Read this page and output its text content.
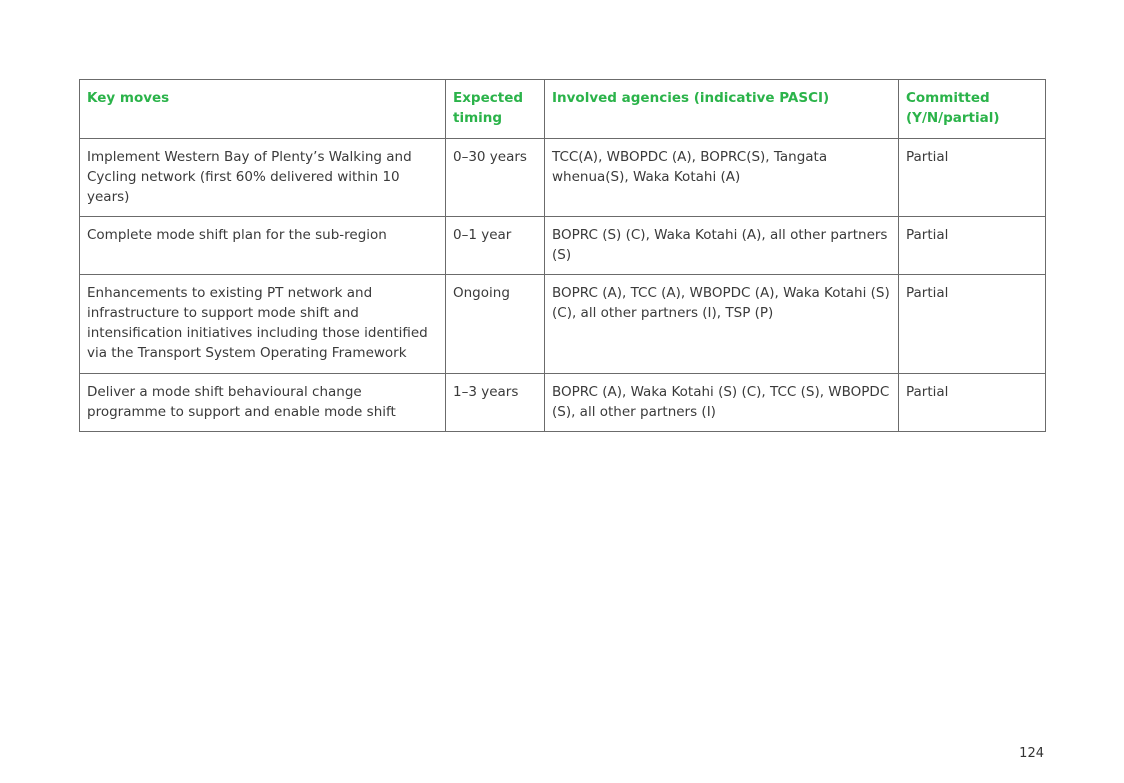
Key moves	Expected timing	Involved agencies (indicative PASCI)	Committed (Y/N/partial)
Implement Western Bay of Plenty’s Walking and Cycling network (first 60% delivered within 10 years)	0–30 years	TCC(A), WBOPDC (A), BOPRC(S), Tangata whenua(S), Waka Kotahi (A)	Partial
Complete mode shift plan for the sub-region	0–1 year	BOPRC (S) (C), Waka Kotahi (A), all other partners (S)	Partial
Enhancements to existing PT network and infrastructure to support mode shift and intensification initiatives including those identified via the Transport System Operating Framework	Ongoing	BOPRC (A), TCC (A), WBOPDC (A), Waka Kotahi (S) (C), all other partners (I), TSP (P)	Partial
Deliver a mode shift behavioural change programme to support and enable mode shift	1–3 years	BOPRC (A), Waka Kotahi (S) (C), TCC (S), WBOPDC (S), all other partners (I)	Partial
124
